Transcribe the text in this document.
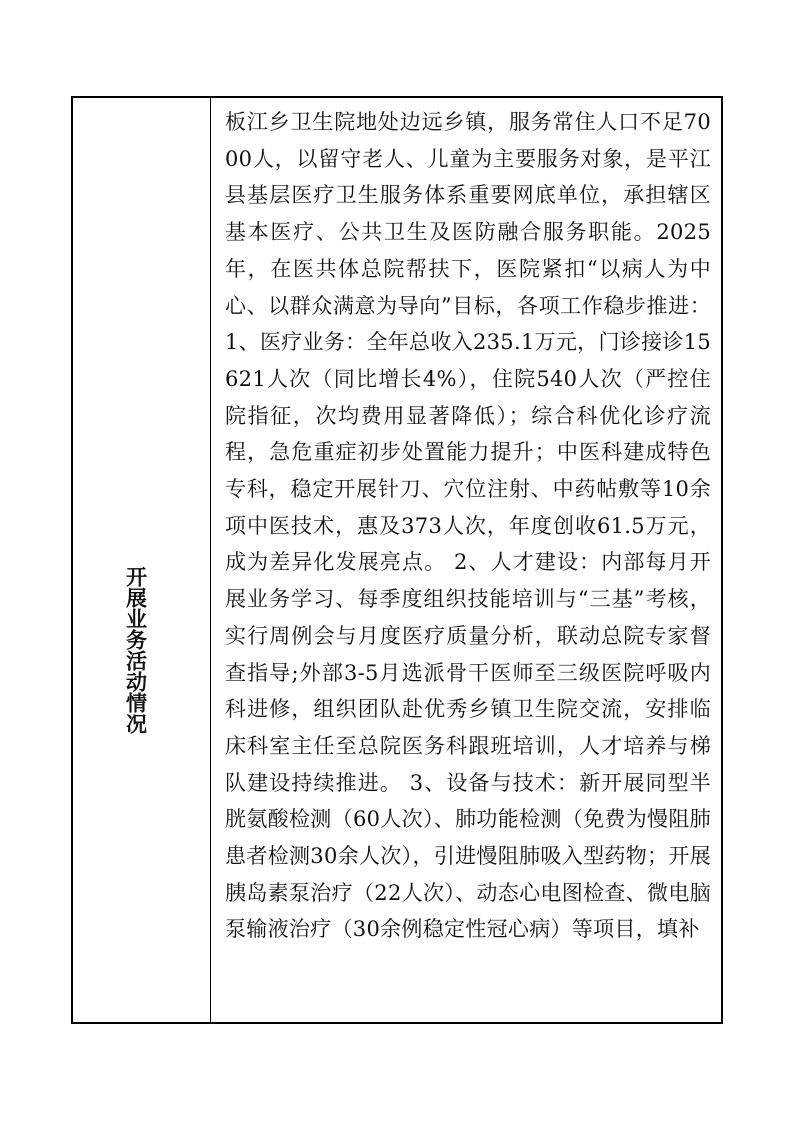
开展业务活动情况

板江乡卫生院地处边远乡镇，服务常住人口不足7000人，以留守老人、儿童为主要服务对象，是平江县基层医疗卫生服务体系重要网底单位，承担辖区基本医疗、公共卫生及医防融合服务职能。2025年，在医共体总院帮扶下，医院紧扣“以病人为中心、以群众满意为导向”目标，各项工作稳步推进：1、医疗业务：全年总收入235.1万元，门诊接诊15621人次（同比增长4%），住院540人次（严控住院指征，次均费用显著降低）；综合科优化诊疗流程，急危重症初步处置能力提升；中医科建成特色专科，稳定开展针刀、穴位注射、中药帖敷等10余项中医技术，惠及373人次，年度创收61.5万元，成为差异化发展亮点。 2、人才建设：内部每月开展业务学习、每季度组织技能培训与“三基”考核，实行周例会与月度医疗质量分析，联动总院专家督查指导;外部3-5月选派骨干医师至三级医院呼吸内科进修，组织团队赴优秀乡镇卫生院交流，安排临床科室主任至总院医务科跟班培训，人才培养与梯队建设持续推进。 3、设备与技术：新开展同型半胱氨酸检测（60人次）、肺功能检测（免费为慢阻肺患者检测30余人次），引进慢阻肺吸入型药物；开展胰岛素泵治疗（22人次）、动态心电图检查、微电脑泵输液治疗（30余例稳定性冠心病）等项目，填补
